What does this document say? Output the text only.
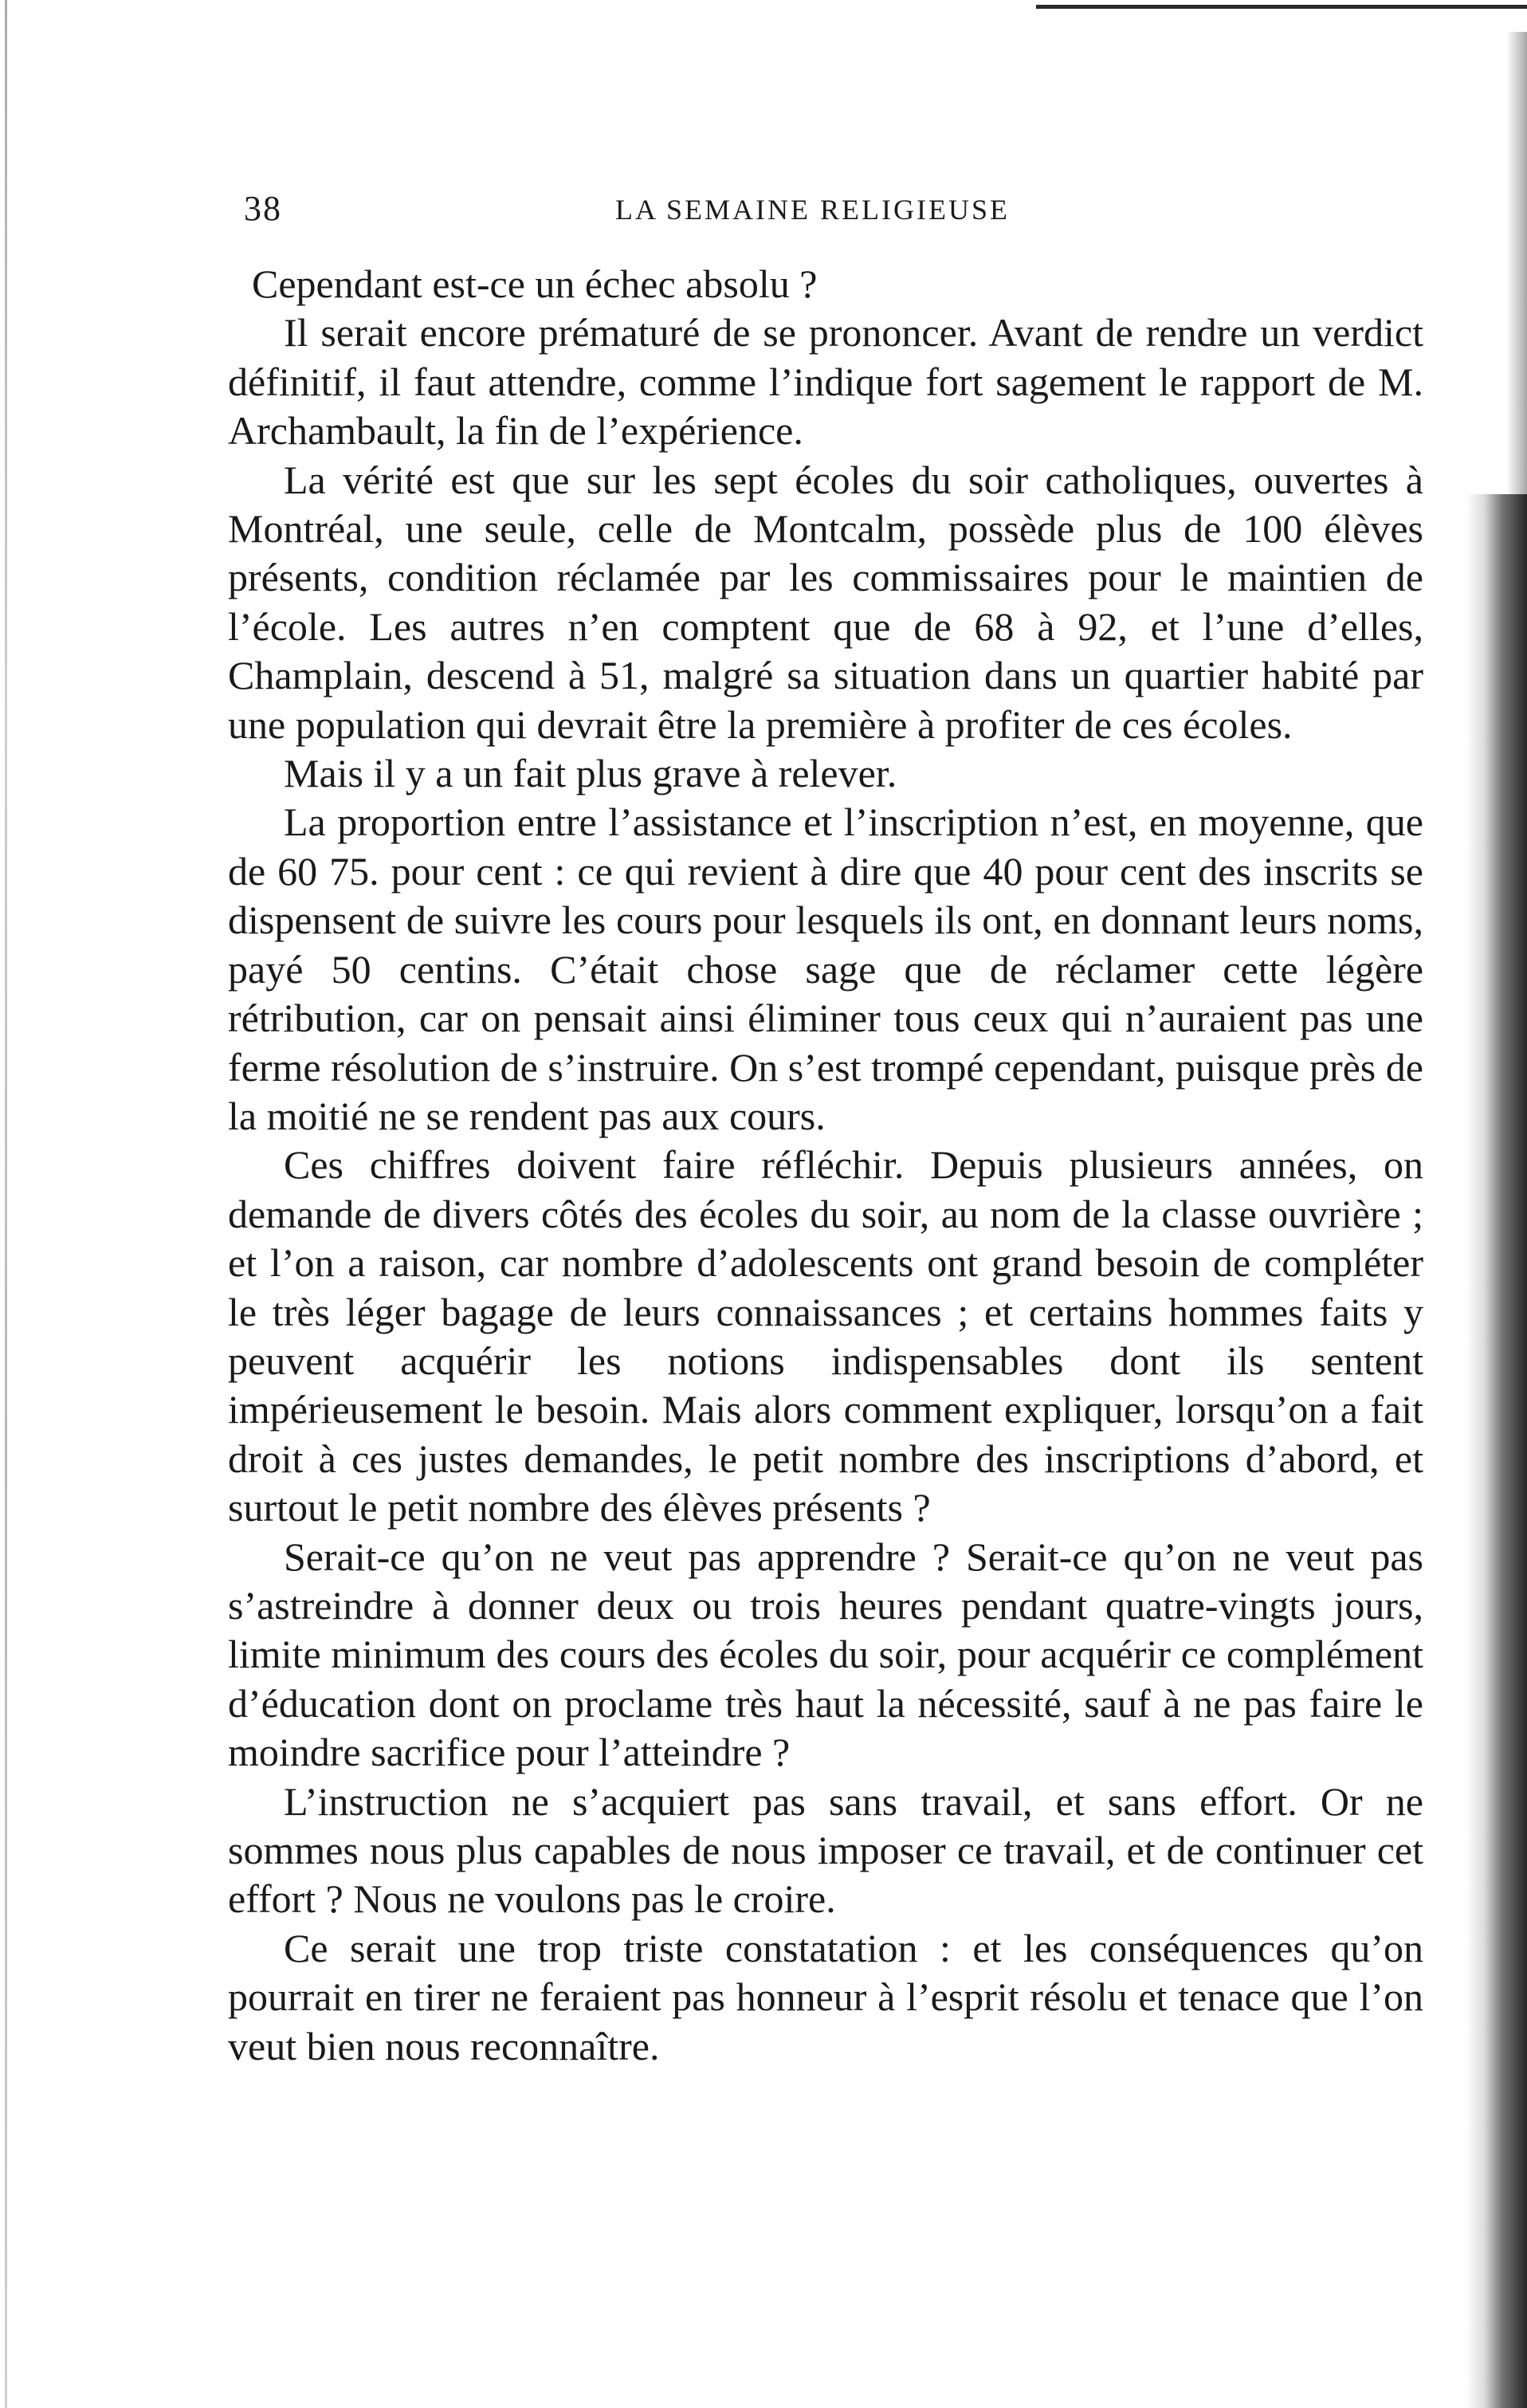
38	LA SEMAINE RELIGIEUSE

Cependant est-ce un échec absolu ?

Il serait encore prématuré de se prononcer. Avant de rendre un verdict définitif, il faut attendre, comme l’indique fort sagement le rapport de M. Archambault, la fin de l’expérience.

La vérité est que sur les sept écoles du soir catholiques, ouvertes à Montréal, une seule, celle de Montcalm, possède plus de 100 élèves présents, condition réclamée par les commissaires pour le maintien de l’école. Les autres n’en comptent que de 68 à 92, et l’une d’elles, Champlain, descend à 51, malgré sa situation dans un quartier habité par une population qui devrait être la première à profiter de ces écoles.

Mais il y a un fait plus grave à relever.

La proportion entre l’assistance et l’inscription n’est, en moyenne, que de 60 75. pour cent : ce qui revient à dire que 40 pour cent des inscrits se dispensent de suivre les cours pour lesquels ils ont, en donnant leurs noms, payé 50 centins. C’était chose sage que de réclamer cette légère rétribution, car on pensait ainsi éliminer tous ceux qui n’auraient pas une ferme résolution de s’instruire. On s’est trompé cependant, puisque près de la moitié ne se rendent pas aux cours.

Ces chiffres doivent faire réfléchir. Depuis plusieurs années, on demande de divers côtés des écoles du soir, au nom de la classe ouvrière ; et l’on a raison, car nombre d’adolescents ont grand besoin de compléter le très léger bagage de leurs connaissances ; et certains hommes faits y peuvent acquérir les notions indispensables dont ils sentent impérieusement le besoin. Mais alors comment expliquer, lorsqu’on a fait droit à ces justes demandes, le petit nombre des inscriptions d’abord, et surtout le petit nombre des élèves présents ?

Serait-ce qu’on ne veut pas apprendre ? Serait-ce qu’on ne veut pas s’astreindre à donner deux ou trois heures pendant quatre-vingts jours, limite minimum des cours des écoles du soir, pour acquérir ce complément d’éducation dont on proclame très haut la nécessité, sauf à ne pas faire le moindre sacrifice pour l’atteindre ?

L’instruction ne s’acquiert pas sans travail, et sans effort. Or ne sommes nous plus capables de nous imposer ce travail, et de continuer cet effort ? Nous ne voulons pas le croire.

Ce serait une trop triste constatation : et les conséquences qu’on pourrait en tirer ne feraient pas honneur à l’esprit résolu et tenace que l’on veut bien nous reconnaître.
